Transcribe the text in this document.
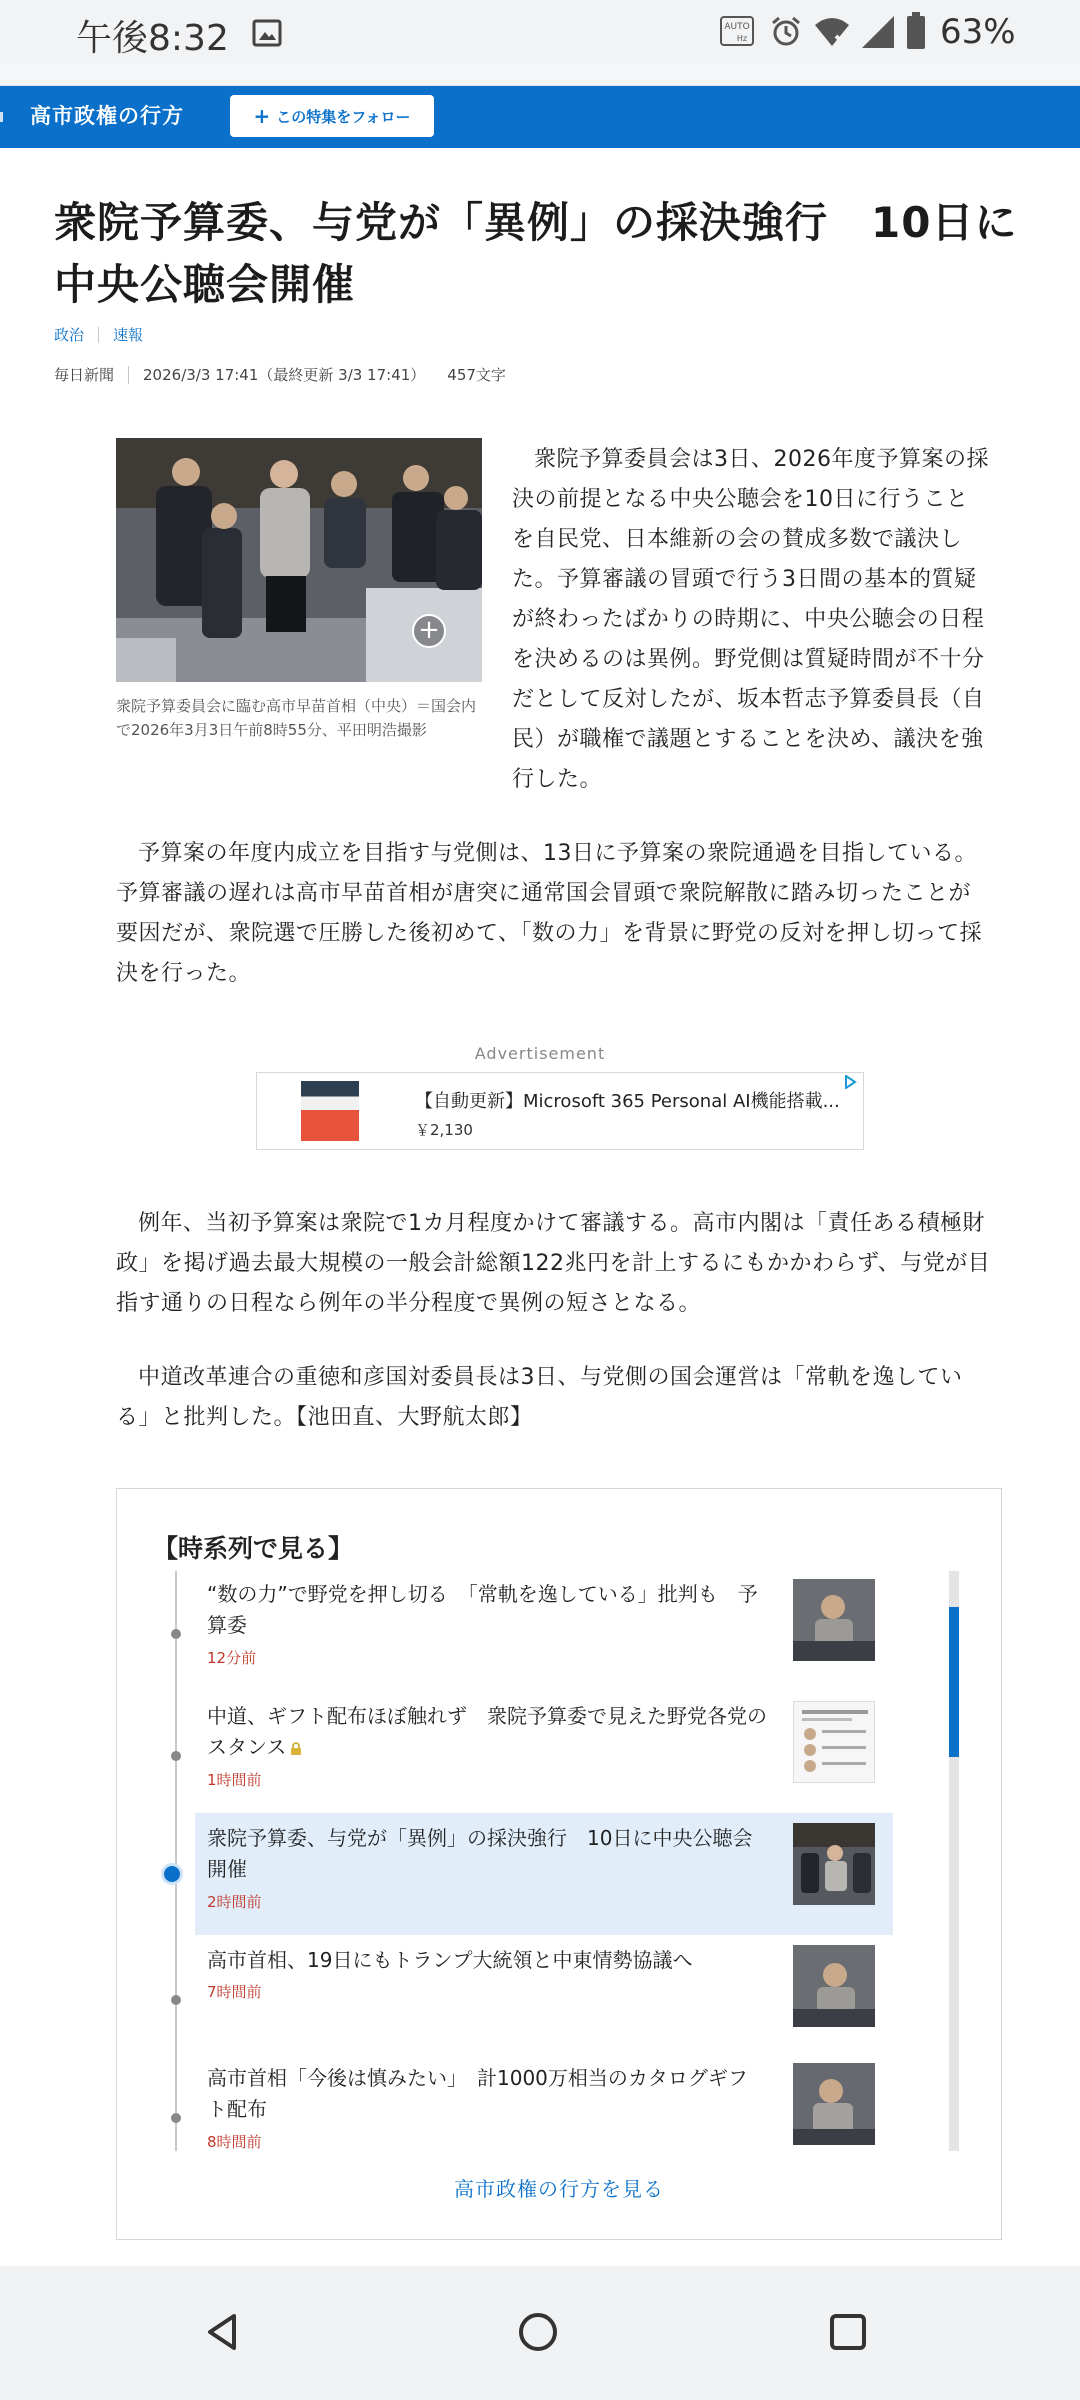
午後8:32	AUTO
Hz	63%
高市政権の行方	+ この特集をフォロー
衆院予算委、与党が「異例」の採決強行　10日に中央公聴会開催
政治 速報
毎日新聞 2026/3/3 17:41（最終更新 3/3 17:41） 457文字
+
衆院予算委員会に臨む高市早苗首相（中央）＝国会内で2026年3月3日午前8時55分、平田明浩撮影

衆院予算委員会は3日、2026年度予算案の採決の前提となる中央公聴会を10日に行うことを自民党、日本維新の会の賛成多数で議決した。予算審議の冒頭で行う3日間の基本的質疑が終わったばかりの時期に、中央公聴会の日程を決めるのは異例。野党側は質疑時間が不十分だとして反対したが、坂本哲志予算委員長（自民）が職権で議題とすることを決め、議決を強行した。

予算案の年度内成立を目指す与党側は、13日に予算案の衆院通過を目指している。予算審議の遅れは高市早苗首相が唐突に通常国会冒頭で衆院解散に踏み切ったことが要因だが、衆院選で圧勝した後初めて、「数の力」を背景に野党の反対を押し切って採決を行った。

Advertisement
【自動更新】Microsoft 365 Personal AI機能搭載...
￥2,130

例年、当初予算案は衆院で1カ月程度かけて審議する。高市内閣は「責任ある積極財政」を掲げ過去最大規模の一般会計総額122兆円を計上するにもかかわらず、与党が目指す通りの日程なら例年の半分程度で異例の短さとなる。

中道改革連合の重徳和彦国対委員長は3日、与党側の国会運営は「常軌を逸している」と批判した。【池田直、大野航太郎】

【時系列で見る】
“数の力”で野党を押し切る　「常軌を逸している」批判も　予算委
12分前
中道、ギフト配布ほぼ触れず　衆院予算委で見えた野党各党のスタンス
1時間前
衆院予算委、与党が「異例」の採決強行　10日に中央公聴会開催
2時間前
高市首相、19日にもトランプ大統領と中東情勢協議へ
7時間前
高市首相「今後は慎みたい」　計1000万相当のカタログギフト配布
8時間前
高市政権の行方を見る
